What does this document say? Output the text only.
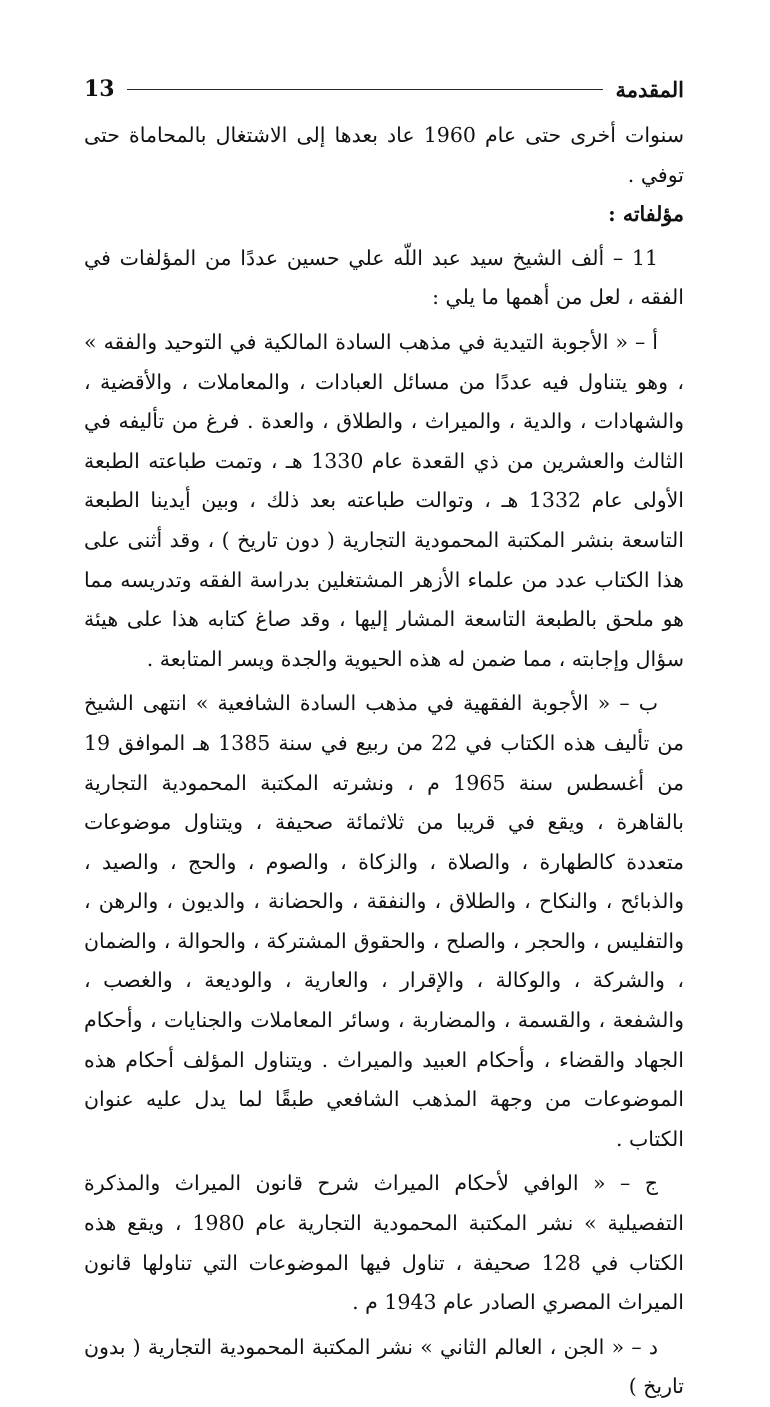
المقدمة
13

سنوات أخرى حتى عام 1960 عاد بعدها إلى الاشتغال بالمحاماة حتى توفي .

مؤلفاته :

11 – ألف الشيخ سيد عبد اللّه علي حسين عددًا من المؤلفات في الفقه ، لعل من أهمها ما يلي :

أ – « الأجوبة التيدية في مذهب السادة المالكية في التوحيد والفقه » ، وهو يتناول فيه عددًا من مسائل العبادات ، والمعاملات ، والأقضية ، والشهادات ، والدية ، والميراث ، والطلاق ، والعدة . فرغ من تأليفه في الثالث والعشرين من ذي القعدة عام 1330 هـ ، وتمت طباعته الطبعة الأولى عام 1332 هـ ، وتوالت طباعته بعد ذلك ، وبين أيدينا الطبعة التاسعة بنشر المكتبة المحمودية التجارية ( دون تاريخ ) ، وقد أثنى على هذا الكتاب عدد من علماء الأزهر المشتغلين بدراسة الفقه وتدريسه مما هو ملحق بالطبعة التاسعة المشار إليها ، وقد صاغ كتابه هذا على هيئة سؤال وإجابته ، مما ضمن له هذه الحيوية والجدة ويسر المتابعة .

ب – « الأجوبة الفقهية في مذهب السادة الشافعية » انتهى الشيخ من تأليف هذه الكتاب في 22 من ربيع في سنة 1385 هـ الموافق 19 من أغسطس سنة 1965 م ، ونشرته المكتبة المحمودية التجارية بالقاهرة ، ويقع في قريبا من ثلاثمائة صحيفة ، ويتناول موضوعات متعددة كالطهارة ، والصلاة ، والزكاة ، والصوم ، والحج ، والصيد ، والذبائح ، والنكاح ، والطلاق ، والنفقة ، والحضانة ، والديون ، والرهن ، والتفليس ، والحجر ، والصلح ، والحقوق المشتركة ، والحوالة ، والضمان ، والشركة ، والوكالة ، والإقرار ، والعارية ، والوديعة ، والغصب ، والشفعة ، والقسمة ، والمضاربة ، وسائر المعاملات والجنايات ، وأحكام الجهاد والقضاء ، وأحكام العبيد والميراث . ويتناول المؤلف أحكام هذه الموضوعات من وجهة المذهب الشافعي طبقًا لما يدل عليه عنوان الكتاب .

ج – « الوافي لأحكام الميراث شرح قانون الميراث والمذكرة التفصيلية » نشر المكتبة المحمودية التجارية عام 1980 ، ويقع هذه الكتاب في 128 صحيفة ، تناول فيها الموضوعات التي تناولها قانون الميراث المصري الصادر عام 1943 م .

د – « الجن ، العالم الثاني » نشر المكتبة المحمودية التجارية ( بدون تاريخ )
